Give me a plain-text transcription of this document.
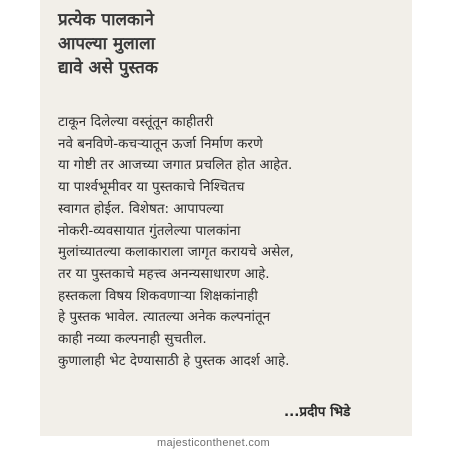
प्रत्येक पालकाने
आपल्या मुलाला
द्यावे असे पुस्तक
टाकून दिलेल्या वस्तूंतून काहीतरी
नवे बनविणे-कचऱ्यातून ऊर्जा निर्माण करणे
या गोष्टी तर आजच्या जगात प्रचलित होत आहेत.
या पार्श्वभूमीवर या पुस्तकाचे निश्चितच
स्वागत होईल. विशेषत: आपापल्या
नोकरी-व्यवसायात गुंतलेल्या पालकांना
मुलांच्यातल्या कलाकाराला जागृत करायचे असेल,
तर या पुस्तकाचे महत्त्व अनन्यसाधारण आहे.
हस्तकला विषय शिकवणाऱ्या शिक्षकांनाही
हे पुस्तक भावेल. त्यातल्या अनेक कल्पनांतून
काही नव्या कल्पनाही सुचतील.
कुणालाही भेट देण्यासाठी हे पुस्तक आदर्श आहे.
...प्रदीप भिडे
majesticonthenet.com
